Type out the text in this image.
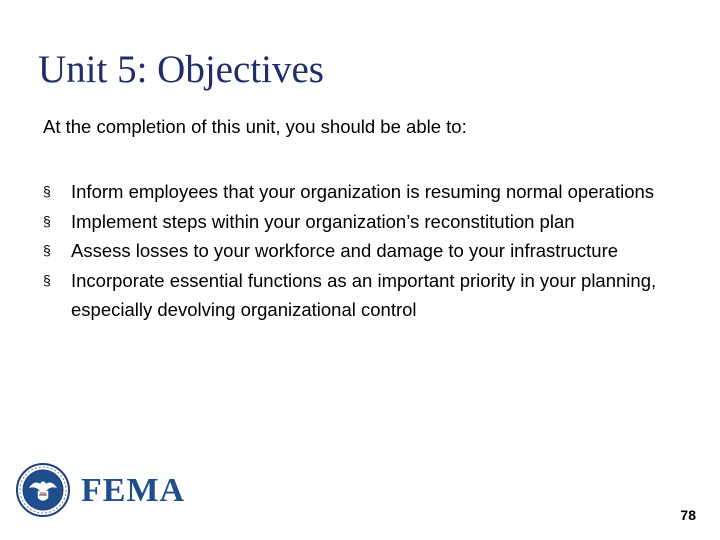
Unit 5: Objectives

At the completion of this unit, you should be able to:

§ Inform employees that your organization is resuming normal operations
§ Implement steps within your organization’s reconstitution plan
§ Assess losses to your workforce and damage to your infrastructure
§ Incorporate essential functions as an important priority in your planning, especially devolving organizational control
FEMA
78
